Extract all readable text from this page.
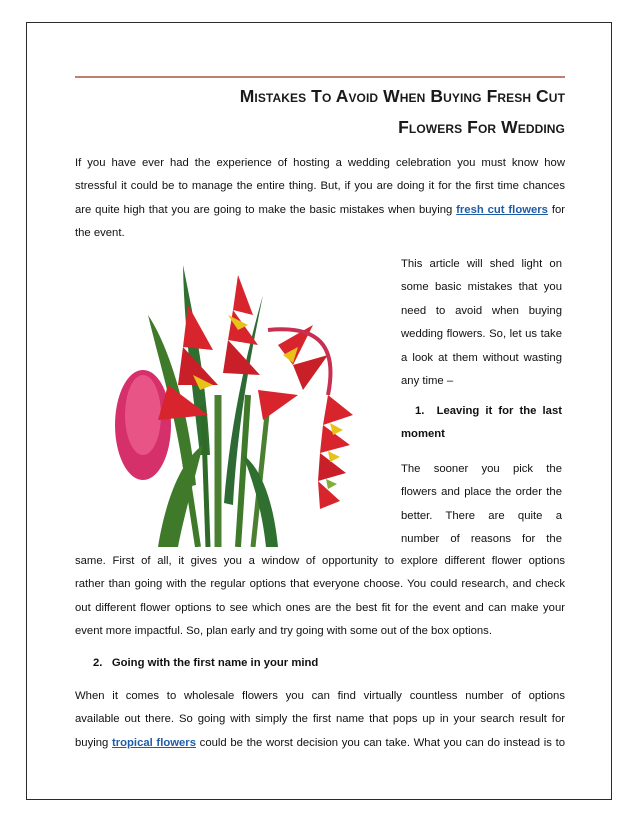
Mistakes To Avoid When Buying Fresh Cut
Flowers For Wedding
If you have ever had the experience of hosting a wedding celebration you must know how
stressful it could be to manage the entire thing. But, if you are doing it for the first time chances
are quite high that you are going to make the basic mistakes when buying fresh cut flowers for
the event.
This article will shed light on
some basic mistakes that you
need to avoid when buying
wedding flowers. So, let us take
a look at them without wasting
any time –
1. Leaving it for the last
moment
The sooner you pick the
flowers and place the order the
better. There are quite a
number of reasons for the
same. First of all, it gives you a window of opportunity to explore different flower options
rather than going with the regular options that everyone choose. You could research, and check
out different flower options to see which ones are the best fit for the event and can make your
event more impactful. So, plan early and try going with some out of the box options.
2. Going with the first name in your mind
When it comes to wholesale flowers you can find virtually countless number of options
available out there. So going with simply the first name that pops up in your search result for
buying tropical flowers could be the worst decision you can take. What you can do instead is to
